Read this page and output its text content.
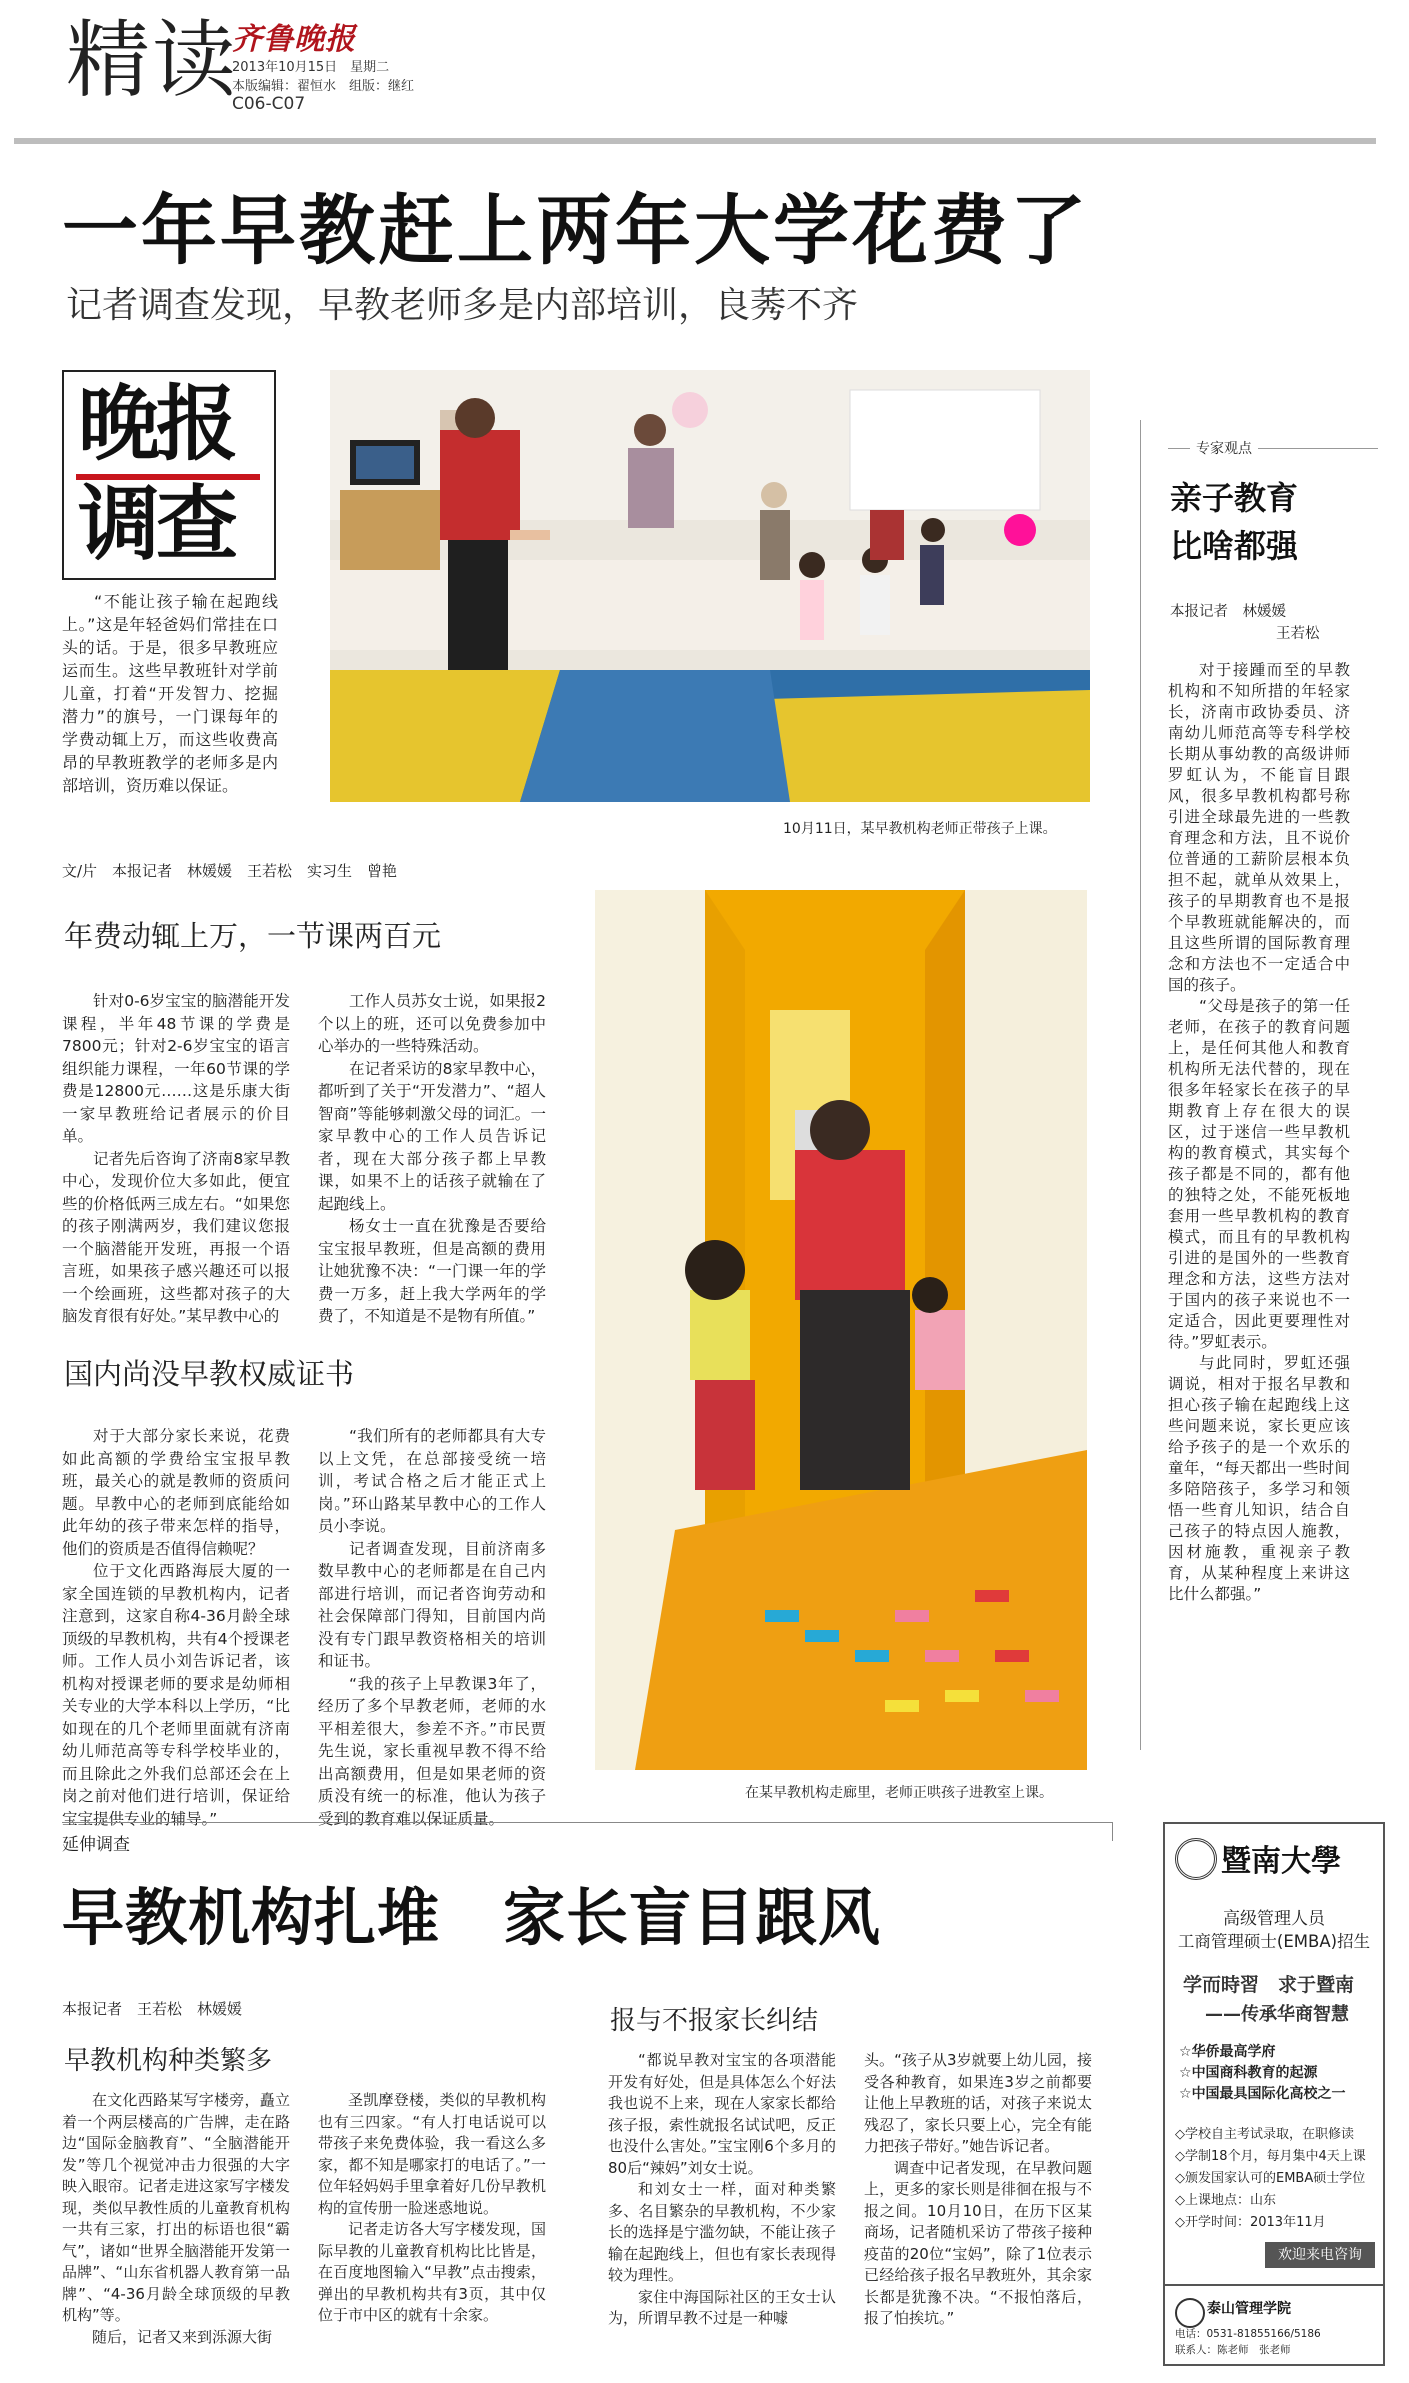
精读
齐鲁晚报
2013年10月15日　星期二
本版编辑：翟恒水　组版：继红
C06-C07
一年早教赶上两年大学花费了
记者调查发现，早教老师多是内部培训，良莠不齐
晚报
调查

“不能让孩子输在起跑线上。”这是年轻爸妈们常挂在口头的话。于是，很多早教班应运而生。这些早教班针对学前儿童，打着“开发智力、挖掘潜力”的旗号，一门课每年的学费动辄上万，而这些收费高昂的早教班教学的老师多是内部培训，资历难以保证。

10月11日，某早教机构老师正带孩子上课。
文/片　本报记者　林媛媛　王若松　实习生　曾艳
年费动辄上万，一节课两百元

针对0-6岁宝宝的脑潜能开发课程，半年48节课的学费是7800元；针对2-6岁宝宝的语言组织能力课程，一年60节课的学费是12800元……这是乐康大街一家早教班给记者展示的价目单。

记者先后咨询了济南8家早教中心，发现价位大多如此，便宜些的价格低两三成左右。“如果您的孩子刚满两岁，我们建议您报一个脑潜能开发班，再报一个语言班，如果孩子感兴趣还可以报一个绘画班，这些都对孩子的大脑发育很有好处。”某早教中心的

工作人员苏女士说，如果报2个以上的班，还可以免费参加中心举办的一些特殊活动。

在记者采访的8家早教中心，都听到了关于“开发潜力”、“超人智商”等能够刺激父母的词汇。一家早教中心的工作人员告诉记者，现在大部分孩子都上早教课，如果不上的话孩子就输在了起跑线上。

杨女士一直在犹豫是否要给宝宝报早教班，但是高额的费用让她犹豫不决：“一门课一年的学费一万多，赶上我大学两年的学费了，不知道是不是物有所值。”

国内尚没早教权威证书

对于大部分家长来说，花费如此高额的学费给宝宝报早教班，最关心的就是教师的资质问题。早教中心的老师到底能给如此年幼的孩子带来怎样的指导，他们的资质是否值得信赖呢？

位于文化西路海辰大厦的一家全国连锁的早教机构内，记者注意到，这家自称4-36月龄全球顶级的早教机构，共有4个授课老师。工作人员小刘告诉记者，该机构对授课老师的要求是幼师相关专业的大学本科以上学历，“比如现在的几个老师里面就有济南幼儿师范高等专科学校毕业的，而且除此之外我们总部还会在上岗之前对他们进行培训，保证给宝宝提供专业的辅导。”

“我们所有的老师都具有大专以上文凭，在总部接受统一培训，考试合格之后才能正式上岗。”环山路某早教中心的工作人员小李说。

记者调查发现，目前济南多数早教中心的老师都是在自己内部进行培训，而记者咨询劳动和社会保障部门得知，目前国内尚没有专门跟早教资格相关的培训和证书。

“我的孩子上早教课3年了，经历了多个早教老师，老师的水平相差很大，参差不齐。”市民贾先生说，家长重视早教不得不给出高额费用，但是如果老师的资质没有统一的标准，他认为孩子受到的教育难以保证质量。

在某早教机构走廊里，老师正哄孩子进教室上课。
专家观点
亲子教育
比啥都强
本报记者　林媛媛
王若松

对于接踵而至的早教机构和不知所措的年轻家长，济南市政协委员、济南幼儿师范高等专科学校长期从事幼教的高级讲师罗虹认为，不能盲目跟风，很多早教机构都号称引进全球最先进的一些教育理念和方法，且不说价位普通的工薪阶层根本负担不起，就单从效果上，孩子的早期教育也不是报个早教班就能解决的，而且这些所谓的国际教育理念和方法也不一定适合中国的孩子。

“父母是孩子的第一任老师，在孩子的教育问题上，是任何其他人和教育机构所无法代替的，现在很多年轻家长在孩子的早期教育上存在很大的误区，过于迷信一些早教机构的教育模式，其实每个孩子都是不同的，都有他的独特之处，不能死板地套用一些早教机构的教育模式，而且有的早教机构引进的是国外的一些教育理念和方法，这些方法对于国内的孩子来说也不一定适合，因此更要理性对待。”罗虹表示。

与此同时，罗虹还强调说，相对于报名早教和担心孩子输在起跑线上这些问题来说，家长更应该给予孩子的是一个欢乐的童年，“每天都出一些时间多陪陪孩子，多学习和领悟一些育儿知识，结合自己孩子的特点因人施教，因材施教，重视亲子教育，从某种程度上来讲这比什么都强。”

延伸调查
早教机构扎堆　家长盲目跟风
本报记者　王若松　林媛媛
早教机构种类繁多
报与不报家长纠结

在文化西路某写字楼旁，矗立着一个两层楼高的广告牌，走在路边“国际金脑教育”、“全脑潜能开发”等几个视觉冲击力很强的大字映入眼帘。记者走进这家写字楼发现，类似早教性质的儿童教育机构一共有三家，打出的标语也很“霸气”，诸如“世界全脑潜能开发第一品牌”、“山东省机器人教育第一品牌”、“4-36月龄全球顶级的早教机构”等。

随后，记者又来到泺源大街

圣凯摩登楼，类似的早教机构也有三四家。“有人打电话说可以带孩子来免费体验，我一看这么多家，都不知是哪家打的电话了。”一位年轻妈妈手里拿着好几份早教机构的宣传册一脸迷惑地说。

记者走访各大写字楼发现，国际早教的儿童教育机构比比皆是，在百度地图输入“早教”点击搜索，弹出的早教机构共有3页，其中仅位于市中区的就有十余家。

“都说早教对宝宝的各项潜能开发有好处，但是具体怎么个好法我也说不上来，现在人家家长都给孩子报，索性就报名试试吧，反正也没什么害处。”宝宝刚6个多月的80后“辣妈”刘女士说。

和刘女士一样，面对种类繁多、名目繁杂的早教机构，不少家长的选择是宁滥勿缺，不能让孩子输在起跑线上，但也有家长表现得较为理性。

家住中海国际社区的王女士认为，所谓早教不过是一种噱

头。“孩子从3岁就要上幼儿园，接受各种教育，如果连3岁之前都要让他上早教班的话，对孩子来说太残忍了，家长只要上心，完全有能力把孩子带好。”她告诉记者。

调查中记者发现，在早教问题上，更多的家长则是徘徊在报与不报之间。10月10日，在历下区某商场，记者随机采访了带孩子接种疫苗的20位“宝妈”，除了1位表示已经给孩子报名早教班外，其余家长都是犹豫不决。“不报怕落后，报了怕挨坑。”

暨南大學
高级管理人员
工商管理硕士(EMBA)招生
学而時習　求于暨南
——传承华商智慧
☆华侨最高学府
☆中国商科教育的起源
☆中国最具国际化高校之一
◇学校自主考试录取，在职修读
◇学制18个月，每月集中4天上课
◇颁发国家认可的EMBA硕士学位
◇上课地点：山东
◇开学时间：2013年11月
欢迎来电咨询
泰山管理学院
电话：0531-81855166/5186
联系人：陈老师　张老师
